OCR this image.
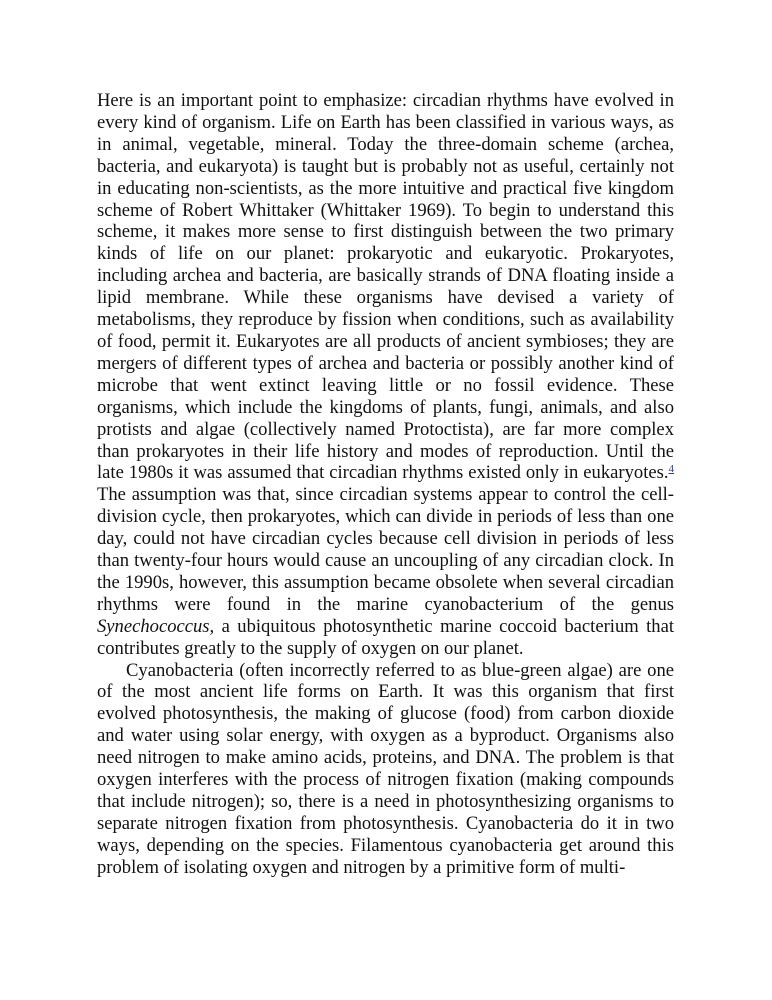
Here is an important point to emphasize: circadian rhythms have evolved in every kind of organism. Life on Earth has been classified in various ways, as in animal, vegetable, mineral. Today the three-domain scheme (archea, bacteria, and eukaryota) is taught but is probably not as useful, certainly not in educating non-scientists, as the more intuitive and practical five kingdom scheme of Robert Whittaker (Whittaker 1969). To begin to understand this scheme, it makes more sense to first distinguish between the two primary kinds of life on our planet: prokaryotic and eukaryotic. Prokaryotes, including archea and bacteria, are basically strands of DNA floating inside a lipid membrane. While these organisms have devised a variety of metabolisms, they reproduce by fission when conditions, such as availability of food, permit it. Eukaryotes are all products of ancient symbioses; they are mergers of different types of archea and bacteria or possibly another kind of microbe that went extinct leaving little or no fossil evidence. These organisms, which include the kingdoms of plants, fungi, animals, and also protists and algae (collectively named Protoctista), are far more complex than prokaryotes in their life history and modes of reproduction. Until the late 1980s it was assumed that circadian rhythms existed only in eukaryotes.$^4$ The assumption was that, since circadian systems appear to control the cell-division cycle, then prokaryotes, which can divide in periods of less than one day, could not have circadian cycles because cell division in periods of less than twenty-four hours would cause an uncoupling of any circadian clock. In the 1990s, however, this assumption became obsolete when several circadian rhythms were found in the marine cyanobacterium of the genus Synechococcus, a ubiquitous photosynthetic marine coccoid bacterium that contributes greatly to the supply of oxygen on our planet.

Cyanobacteria (often incorrectly referred to as blue-green algae) are one of the most ancient life forms on Earth. It was this organism that first evolved photosynthesis, the making of glucose (food) from carbon dioxide and water using solar energy, with oxygen as a byproduct. Organisms also need nitrogen to make amino acids, proteins, and DNA. The problem is that oxygen interferes with the process of nitrogen fixation (making compounds that include nitrogen); so, there is a need in photosynthesizing organisms to separate nitrogen fixation from photosynthesis. Cyanobacteria do it in two ways, depending on the species. Filamentous cyanobacteria get around this problem of isolating oxygen and nitrogen by a primitive form of multi-
